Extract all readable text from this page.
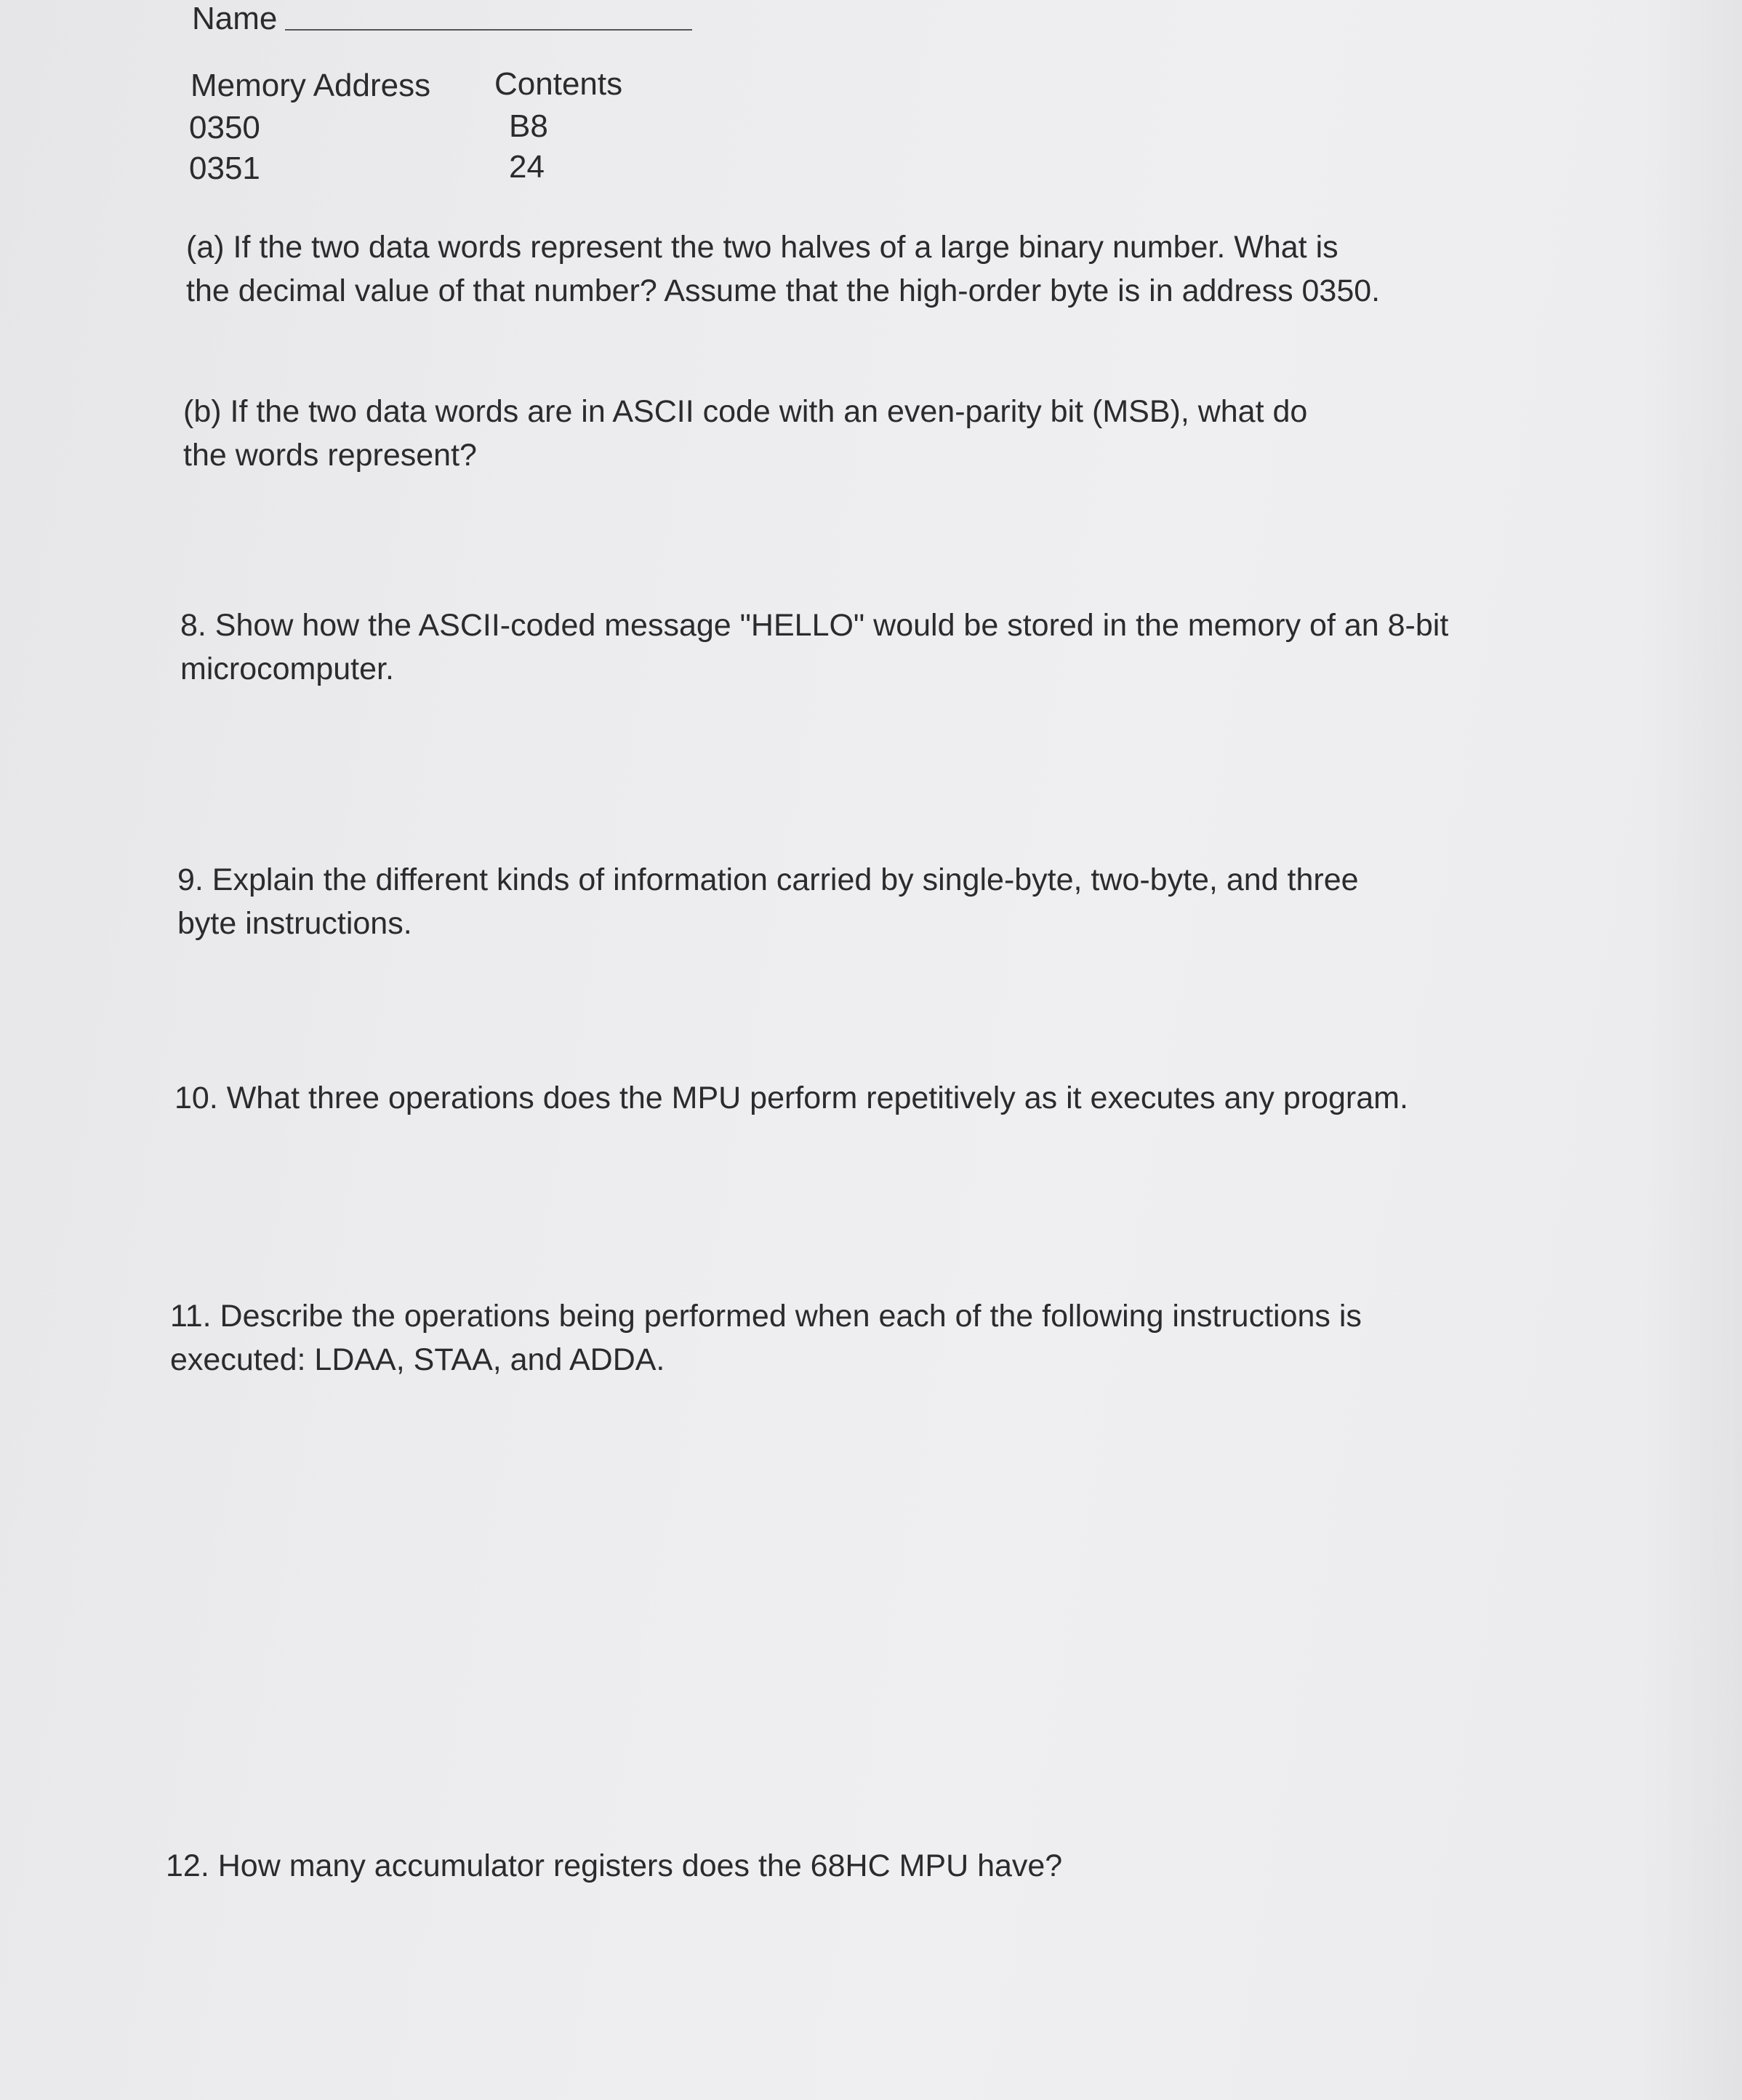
Name
Memory Address Contents
0350	B8
0351	24
(a) If the two data words represent the two halves of a large binary number. What is
the decimal value of that number? Assume that the high-order byte is in address 0350.
(b) If the two data words are in ASCII code with an even-parity bit (MSB), what do
the words represent?
8. Show how the ASCII-coded message "HELLO" would be stored in the memory of an 8-bit
microcomputer.
9. Explain the different kinds of information carried by single-byte, two-byte, and three
byte instructions.
10. What three operations does the MPU perform repetitively as it executes any program.
11. Describe the operations being performed when each of the following instructions is
executed: LDAA, STAA, and ADDA.
12. How many accumulator registers does the 68HC MPU have?
